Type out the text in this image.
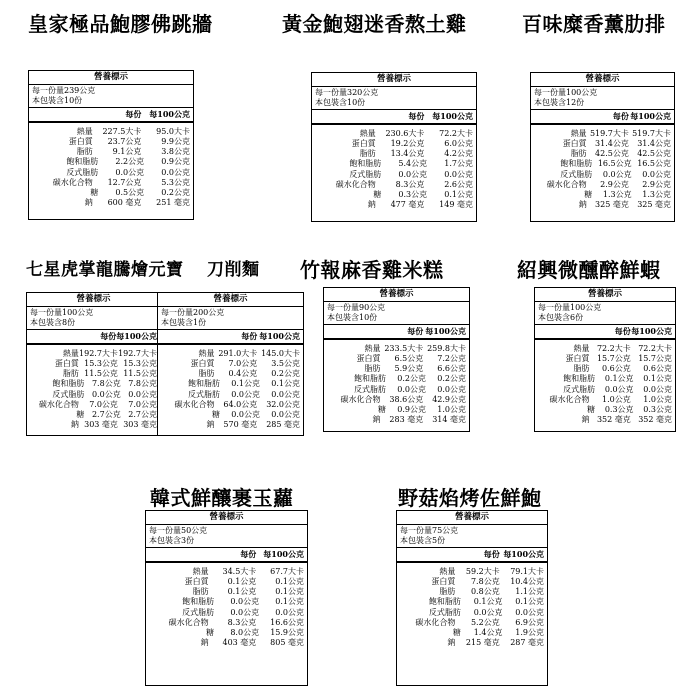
皇家極品鮑膠佛跳牆	黃金鮑翅迷香熬土雞	百味糜香薰肋排
七星虎掌龍騰燴元寶 刀削麵 竹報麻香雞米糕	紹興微醺醉鮮蝦
韓式鮮釀裹玉蘿	野菇焰烤佐鮮鮑
營養標示
每一份量239公克
本包裝含10份
每份 每100公克
熱量	227.5大卡	95.0大卡
蛋白質	23.7公克	9.9公克
脂肪	9.1公克	3.8公克
飽和脂肪	2.2公克	0.9公克
反式脂肪	0.0公克	0.0公克
碳水化合物	12.7公克	5.3公克
糖	0.5公克	0.2公克
鈉	600 毫克	251 毫克
營養標示
每一份量320公克
本包裝含10份
每份 每100公克
熱量	230.6大卡	72.2大卡
蛋白質	19.2公克	6.0公克
脂肪	13.4公克	4.2公克
飽和脂肪	5.4公克	1.7公克
反式脂肪	0.0公克	0.0公克
碳水化合物	8.3公克	2.6公克
糖	0.3公克	0.1公克
鈉	477 毫克	149 毫克
營養標示
每一份量100公克
本包裝含12份
每份 每100公克
熱量 519.7大卡 519.7大卡
蛋白質	31.4公克	31.4公克
脂肪	42.5公克	42.5公克
飽和脂肪 16.5公克 16.5公克
反式脂肪	0.0公克	0.0公克
碳水化合物	2.9公克	2.9公克
糖	1.3公克	1.3公克
鈉	325 毫克	325 毫克
營養標示
每一份量100公克
本包裝含8份
每份 每100公克
熱量 192.7大卡 192.7大卡
蛋白質 15.3公克 15.3公克
脂肪 11.5公克 11.5公克
飽和脂肪 7.8公克 7.8公克
反式脂肪 0.0公克 0.0公克
碳水化合物	7.0公克	7.0公克
糖 2.7公克 2.7公克
鈉 303 毫克 303 毫克
營養標示
每一份量200公克
本包裝含1份
每份 每100公克
熱量 291.0大卡 145.0大卡
蛋白質	7.0公克	3.5公克
脂肪	0.4公克	0.2公克
飽和脂肪	0.1公克	0.1公克
反式脂肪	0.0公克	0.0公克
碳水化合物	64.0公克	32.0公克
糖	0.0公克	0.0公克
鈉	570 毫克	285 毫克
營養標示
每一份量90公克
本包裝含10份
每份 每100公克
熱量 233.5大卡 259.8大卡
蛋白質	6.5公克	7.2公克
脂肪	5.9公克	6.6公克
飽和脂肪	0.2公克	0.2公克
反式脂肪	0.0公克	0.0公克
碳水化合物	38.6公克	42.9公克
糖	0.9公克	1.0公克
鈉	283 毫克	314 毫克
營養標示
每一份量100公克
本包裝含6份
每份 每100公克
熱量 72.2大卡 72.2大卡
蛋白質 15.7公克 15.7公克
脂肪	0.6公克	0.6公克
飽和脂肪	0.1公克	0.1公克
反式脂肪	0.0公克	0.0公克
碳水化合物	1.0公克	1.0公克
糖	0.3公克	0.3公克
鈉 352 毫克 352 毫克
營養標示
每一份量50公克
本包裝含3份
每份 每100公克
熱量	34.5大卡	67.7大卡
蛋白質	0.1公克	0.1公克
脂肪	0.1公克	0.1公克
飽和脂肪	0.0公克	0.1公克
反式脂肪	0.0公克	0.0公克
碳水化合物	8.3公克	16.6公克
糖	8.0公克	15.9公克
鈉	403 毫克	805 毫克
營養標示
每一份量75公克
本包裝含5份
每份 每100公克
熱量	59.2大卡	79.1大卡
蛋白質	7.8公克	10.4公克
脂肪	0.8公克	1.1公克
飽和脂肪	0.1公克	0.1公克
反式脂肪	0.0公克	0.0公克
碳水化合物	5.2公克	6.9公克
糖	1.4公克	1.9公克
鈉	215 毫克	287 毫克
